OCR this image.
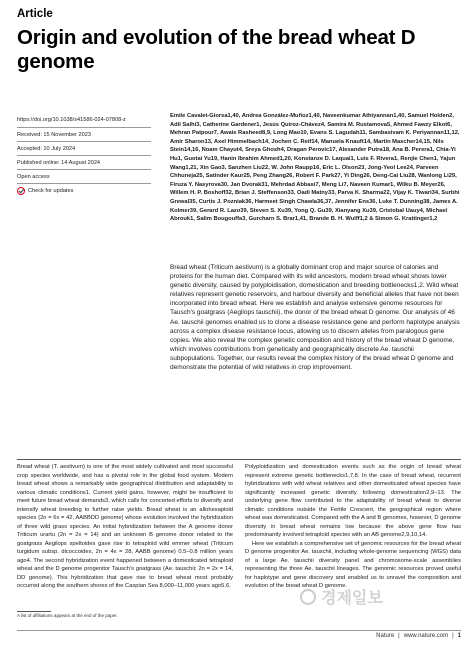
Article
Origin and evolution of the bread wheat D genome
https://doi.org/10.1038/s41586-024-07808-z
Received: 15 November 2023
Accepted: 10 July 2024
Published online: 14 August 2024
Open access
Check for updates
Emile Cavalet-Giorsa1,40, Andrea González-Muñoz1,40, Naveenkumar Athiyannan1,40, Samuel Holden2, Adil Salhi3, Catherine Gardener1, Jesús Quiroz-Chávez4, Samira M. Rustamova5, Ahmed Fawzy Elkot6, Mehran Patpour7, Awais Rasheed8,9, Long Mao10, Evans S. Lagudah11, Sambasivam K. Periyannan11,12, Amir Sharon13, Axel Himmelbach14, Jochen C. Reif14, Manuela Knauft14, Martin Mascher14,15, Nils Stein14,16, Noam Chayut4, Sreya Ghosh4, Dragan Perovic17, Alexander Putra18, Ana B. Perera1, Chia-Yi Hu1, Guotai Yu19, Hanin Ibrahim Ahmed1,20, Konstanze D. Laquai1, Luis F. Rivera1, Renjie Chen1, Yajun Wang1,21, Xin Gao3, Sanzhen Liu22, W. John Raupp16, Eric L. Olson23, Jong-Yeol Lee24, Parveen Chhuneja25, Satinder Kaur25, Peng Zhang26, Robert F. Park27, Yi Ding26, Deng-Cai Liu28, Wanlong Li29, Firuza Y. Nasyrova30, Jan Dvorak31, Mehrdad Abbasi7, Meng Li7, Naveen Kumar1, Wilku B. Meyer26, Willem H. P. Boshoff32, Brian J. Steffenson33, Oadi Matny33, Parva K. Sharma22, Vijay K. Tiwari34, Surbhi Grewal35, Curtis J. Pozniak36, Harmeet Singh Chawla36,37, Jennifer Ens36, Luke T. Dunning38, James A. Kolmer39, Gerard R. Lazo39, Steven S. Xu39, Yong Q. Gu39, Xianyang Xu39, Cristobal Uauy4, Michael Abrouk1, Salim Bougouffa3, Gurcharn S. Brar1,41, Brande B. H. Wulff1,2 & Simon G. Krattinger1,2

Bread wheat (Triticum aestivum) is a globally dominant crop and major source of calories and proteins for the human diet. Compared with its wild ancestors, modern bread wheat shows lower genetic diversity, caused by polyploidisation, domestication and breeding bottlenecks1,2. Wild wheat relatives represent genetic reservoirs, and harbour diversity and beneficial alleles that have not been incorporated into bread wheat. Here we establish and analyse extensive genome resources for Tausch's goatgrass (Aegilops tauschii), the donor of the bread wheat D genome. Our analysis of 46 Ae. tauschii genomes enabled us to clone a disease resistance gene and perform haplotype analysis across a complex disease resistance locus, allowing us to discern alleles from paralogous gene copies. We also reveal the complex genetic composition and history of the bread wheat D genome, which involves contributions from genetically and geographically discrete Ae. tauschii subpopulations. Together, our results reveal the complex history of the bread wheat D genome and demonstrate the potential of wild relatives in crop improvement.

Bread wheat (T. aestivum) is one of the most widely cultivated and most successful crop species worldwide, and has a pivotal role in the global food system. Modern bread wheat shows a remarkably wide geographical distribution and adaptability to various climatic conditions1. Current yield gains, however, might be insufficient to meet future bread wheat demands3, which calls for concerted efforts to diversify and intensify wheat breeding to further raise yields. Bread wheat is an allohexaploid species (2n = 6x = 42, AABBDD genome) whose evolution involved the hybridization of three wild grass species. An initial hybridization between the A genome donor Triticum urartu (2n = 2x = 14) and an unknown B genome donor related to the goatgrass Aegilops speltoides gave rise to tetraploid wild emmer wheat (Triticum turgidum subsp. dicoccoides, 2n = 4x = 28, AABB genome) 0.5–0.8 million years ago4. The second hybridization event happened between a domesticated tetraploid wheat and the D genome progenitor Tausch's goatgrass (Ae. tauschii; 2n = 2x = 14, DD genome). This hybridization that gave rise to bread wheat most probably occurred along the southern shores of the Caspian Sea 8,000–11,000 years ago5,6.

Polyploidization and domestication events such as the origin of bread wheat represent extreme genetic bottlenecks1,7,8. In the case of bread wheat, recurrent hybridizations with wild wheat relatives and other domesticated wheat species have significantly increased genetic diversity following domestication2,9–13. The underlying gene flow contributed to the adaptability of bread wheat to diverse climatic conditions outside the Fertile Crescent, the geographical region where wheat was domesticated. Compared with the A and B genomes, however, D genome diversity in bread wheat remains low because the above gene flow has predominantly involved tetraploid species with an AB genome2,9,10,14.

Here we establish a comprehensive set of genomic resources for the bread wheat D genome progenitor Ae. tauschii, including whole-genome sequencing (WGS) data of a large Ae. tauschii diversity panel and chromosome-scale assemblies representing the three Ae. tauschii lineages. The genomic resources proved useful for haplotype and gene discovery and enabled us to unravel the composition and evolution of the bread wheat D genome.

경제일보
A list of affiliations appears at the end of the paper.
Nature | www.nature.com | 1
